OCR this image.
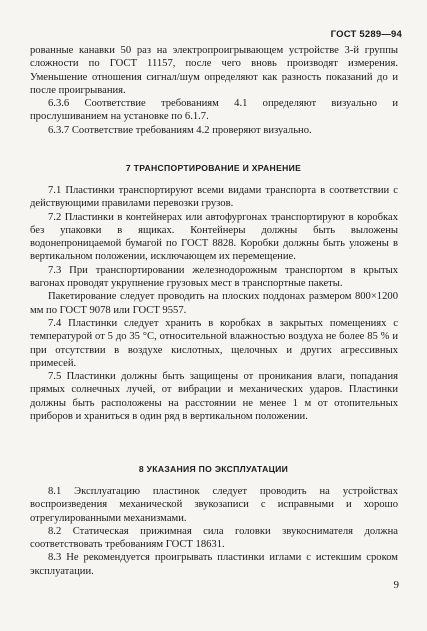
ГОСТ 5289—94

рованные канавки 50 раз на электропроигрывающем устройстве 3-й группы сложности по ГОСТ 11157, после чего вновь производят измерения. Уменьшение отношения сигнал/шум определяют как разность показаний до и после проигрывания.

6.3.6 Соответствие требованиям 4.1 определяют визуально и прослушиванием на установке по 6.1.7.

6.3.7 Соответствие требованиям 4.2 проверяют визуально.

7 ТРАНСПОРТИРОВАНИЕ И ХРАНЕНИЕ

7.1 Пластинки транспортируют всеми видами транспорта в соответствии с действующими правилами перевозки грузов.

7.2 Пластинки в контейнерах или автофургонах транспортируют в коробках без упаковки в ящиках. Контейнеры должны быть выложены водонепроницаемой бумагой по ГОСТ 8828. Коробки должны быть уложены в вертикальном положении, исключающем их перемещение.

7.3 При транспортировании железнодорожным транспортом в крытых вагонах проводят укрупнение грузовых мест в транспортные пакеты.

Пакетирование следует проводить на плоских поддонах размером 800×1200 мм по ГОСТ 9078 или ГОСТ 9557.

7.4 Пластинки следует хранить в коробках в закрытых помещениях с температурой от 5 до 35 °С, относительной влажностью воздуха не более 85 % и при отсутствии в воздухе кислотных, щелочных и других агрессивных примесей.

7.5 Пластинки должны быть защищены от проникания влаги, попадания прямых солнечных лучей, от вибрации и механических ударов. Пластинки должны быть расположены на расстоянии не менее 1 м от отопительных приборов и храниться в один ряд в вертикальном положении.

8 УКАЗАНИЯ ПО ЭКСПЛУАТАЦИИ

8.1 Эксплуатацию пластинок следует проводить на устройствах воспроизведения механической звукозаписи с исправными и хорошо отрегулированными механизмами.

8.2 Статическая прижимная сила головки звукоснимателя должна соответствовать требованиям ГОСТ 18631.

8.3 Не рекомендуется проигрывать пластинки иглами с истекшим сроком эксплуатации.

9
